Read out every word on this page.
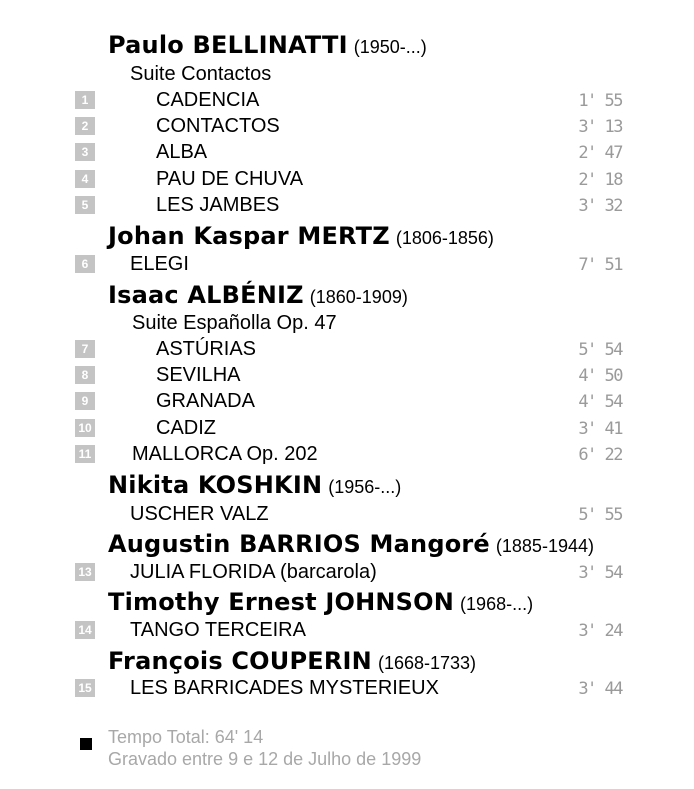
Paulo BELLINATTI (1950-...)
Suite Contactos
1	CADENCIA	1' 55
2	CONTACTOS	3' 13
3	ALBA	2' 47
4	PAU DE CHUVA	2' 18
5	LES JAMBES	3' 32
Johan Kaspar MERTZ (1806-1856)
6	ELEGI	7' 51
Isaac ALBÉNIZ (1860-1909)
Suite Españolla Op. 47
7	ASTÚRIAS	5' 54
8	SEVILHA	4' 50
9	GRANADA	4' 54
10	CADIZ	3' 41
11 MALLORCA Op. 202	6' 22
Nikita KOSHKIN (1956-...)
USCHER VALZ	5' 55
Augustin BARRIOS Mangoré (1885-1944)
13 JULIA FLORIDA (barcarola)	3' 54
Timothy Ernest JOHNSON (1968-...)
14 TANGO TERCEIRA	3' 24
François COUPERIN (1668-1733)
15 LES BARRICADES MYSTERIEUX	3' 44
Tempo Total: 64' 14
Gravado entre 9 e 12 de Julho de 1999
